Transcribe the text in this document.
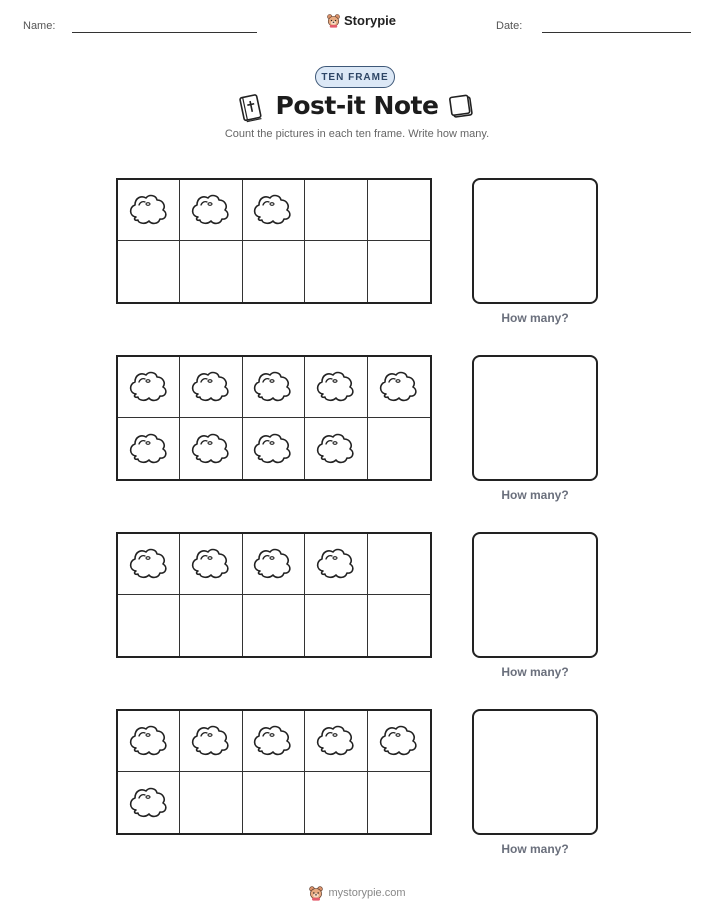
Name:	Storypie	Date:
TEN FRAME
Post-it Note
Count the pictures in each ten frame. Write how many.
How many?
How many?
How many?
How many?
mystorypie.com
